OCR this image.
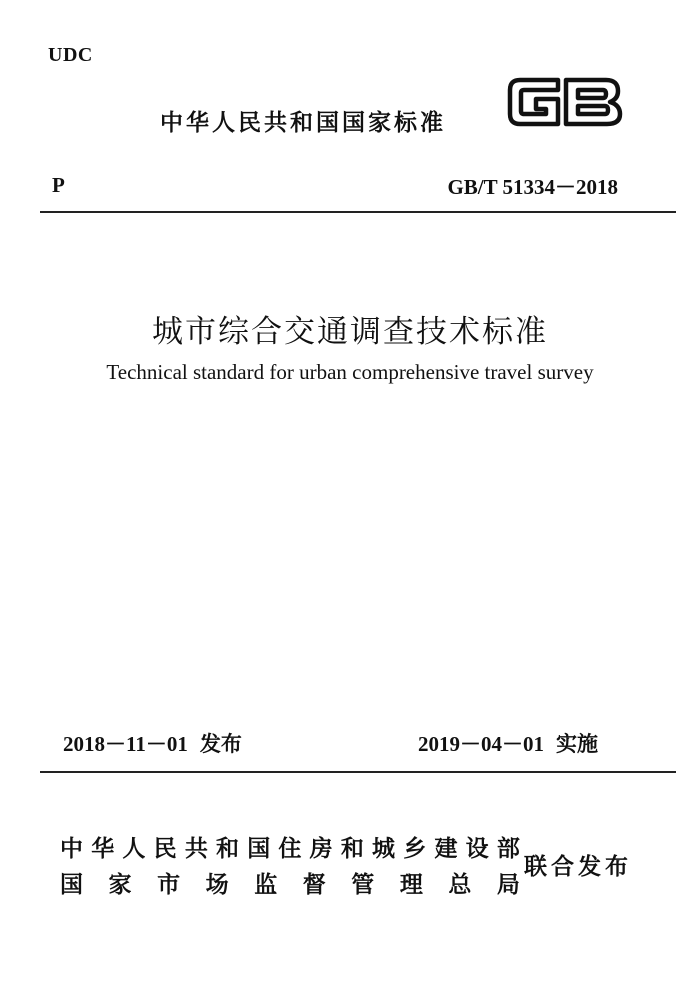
UDC
中华人民共和国国家标准
P	GB/T 51334－2018
城市综合交通调查技术标准
Technical standard for urban comprehensive travel survey
2018－11－01 发布	2019－04－01 实施
中 华 人 民 共 和 国 住 房 和 城 乡 建 设 部
国 家 市 场 监 督 管 理 总 局
联合发布
